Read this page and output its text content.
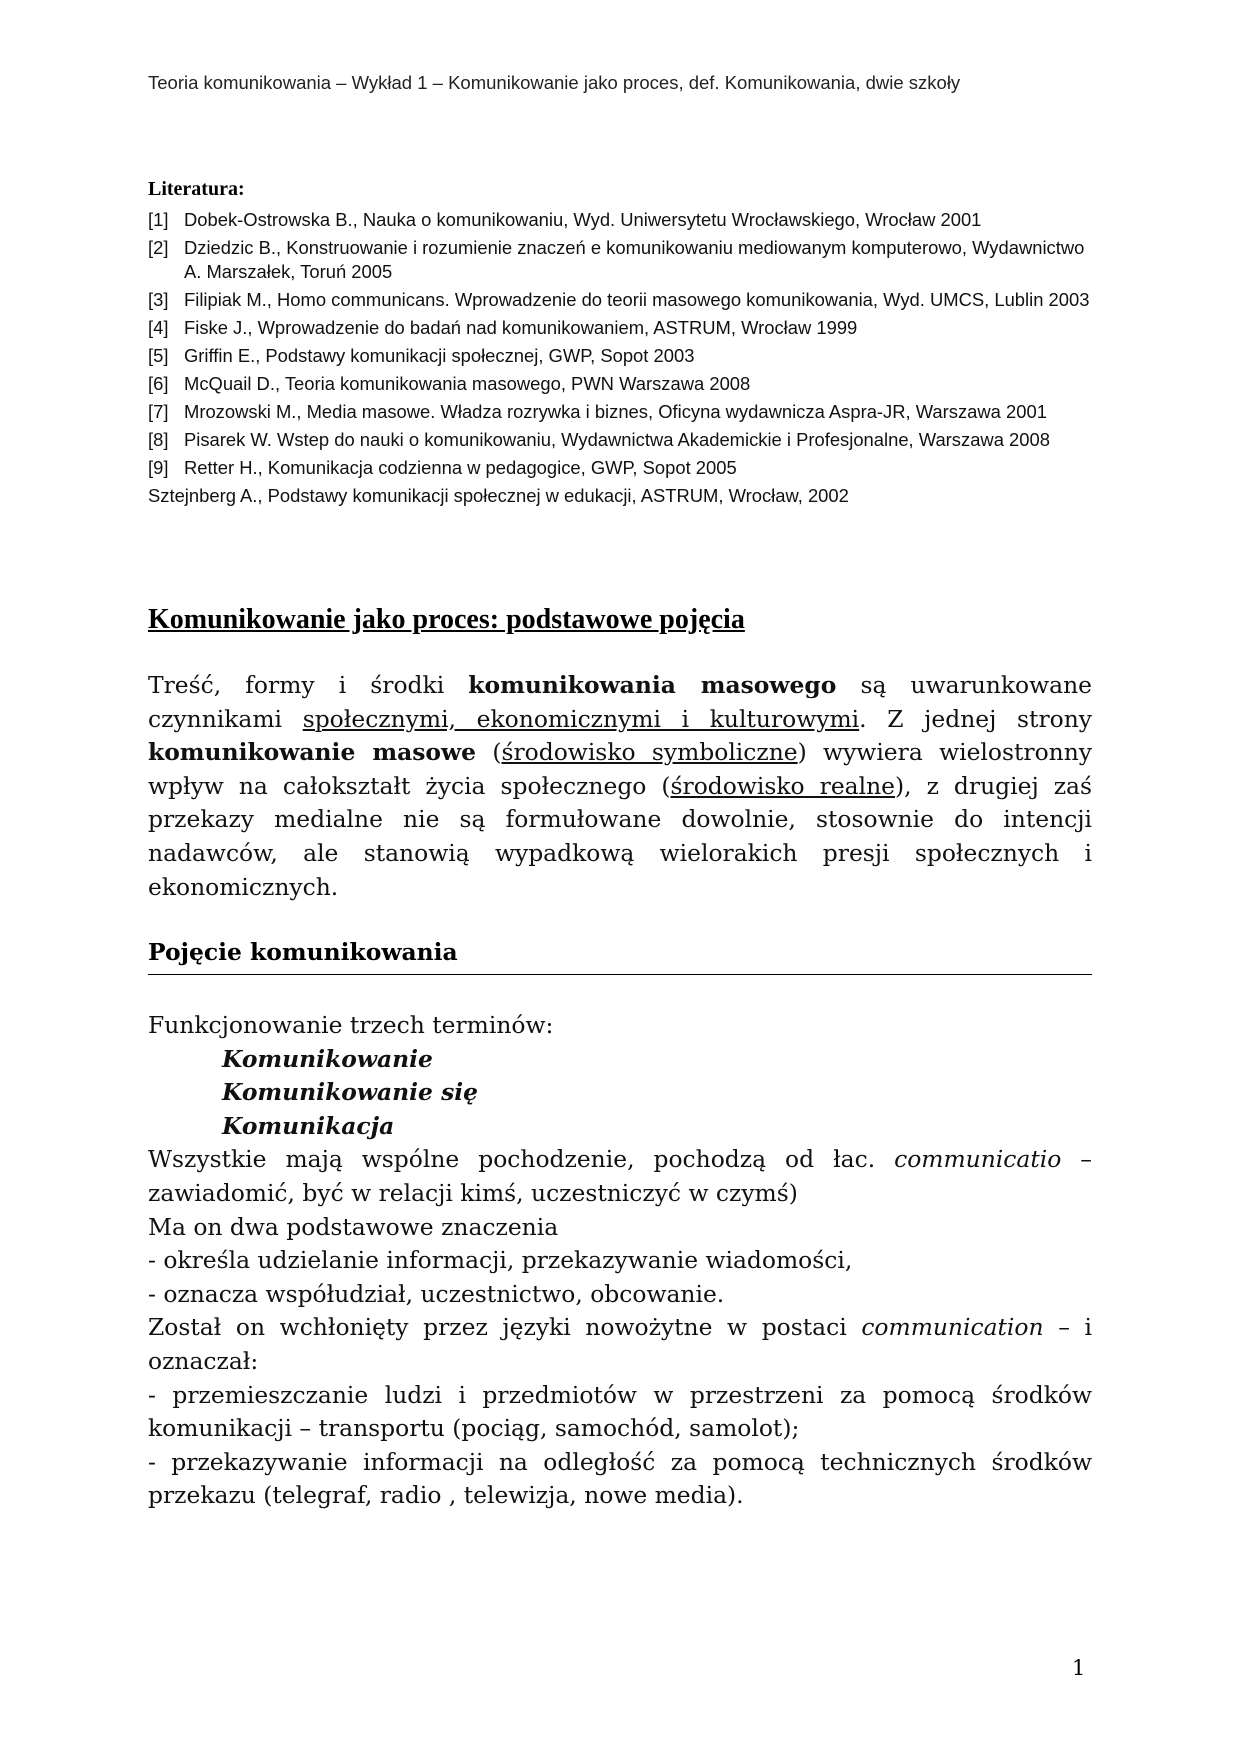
Teoria komunikowania – Wykład 1 – Komunikowanie jako proces, def. Komunikowania, dwie szkoły
Literatura:
[1] Dobek-Ostrowska B., Nauka o komunikowaniu, Wyd. Uniwersytetu Wrocławskiego, Wrocław 2001
[2] Dziedzic B., Konstruowanie i rozumienie znaczeń e komunikowaniu mediowanym komputerowo, Wydawnictwo A. Marszałek, Toruń 2005
[3] Filipiak M., Homo communicans. Wprowadzenie do teorii masowego komunikowania, Wyd. UMCS, Lublin 2003
[4] Fiske J., Wprowadzenie do badań nad komunikowaniem, ASTRUM, Wrocław 1999
[5] Griffin E., Podstawy komunikacji społecznej, GWP, Sopot 2003
[6] McQuail D., Teoria komunikowania masowego, PWN Warszawa 2008
[7] Mrozowski M., Media masowe. Władza rozrywka i biznes, Oficyna wydawnicza Aspra-JR, Warszawa 2001
[8] Pisarek W. Wstep do nauki o komunikowaniu, Wydawnictwa Akademickie i Profesjonalne, Warszawa 2008
[9] Retter H., Komunikacja codzienna w pedagogice, GWP, Sopot 2005

Sztejnberg A., Podstawy komunikacji społecznej w edukacji, ASTRUM, Wrocław, 2002

Komunikowanie jako proces: podstawowe pojęcia

Treść, formy i środki komunikowania masowego są uwarunkowane czynnikami społecznymi, ekonomicznymi i kulturowymi. Z jednej strony komunikowanie masowe (środowisko symboliczne) wywiera wielostronny wpływ na całokształt życia społecznego (środowisko realne), z drugiej zaś przekazy medialne nie są formułowane dowolnie, stosownie do intencji nadawców, ale stanowią wypadkową wielorakich presji społecznych i ekonomicznych.

Pojęcie komunikowania

Funkcjonowanie trzech terminów:

Komunikowanie

Komunikowanie się

Komunikacja

Wszystkie mają wspólne pochodzenie, pochodzą od łac. communicatio – zawiadomić, być w relacji kimś, uczestniczyć w czymś)

Ma on dwa podstawowe znaczenia

- określa udzielanie informacji, przekazywanie wiadomości,

- oznacza współudział, uczestnictwo, obcowanie.

Został on wchłonięty przez języki nowożytne w postaci communication – i oznaczał:

- przemieszczanie ludzi i przedmiotów w przestrzeni za pomocą środków komunikacji – transportu (pociąg, samochód, samolot);

- przekazywanie informacji na odległość za pomocą technicznych środków przekazu (telegraf, radio , telewizja, nowe media).

1
